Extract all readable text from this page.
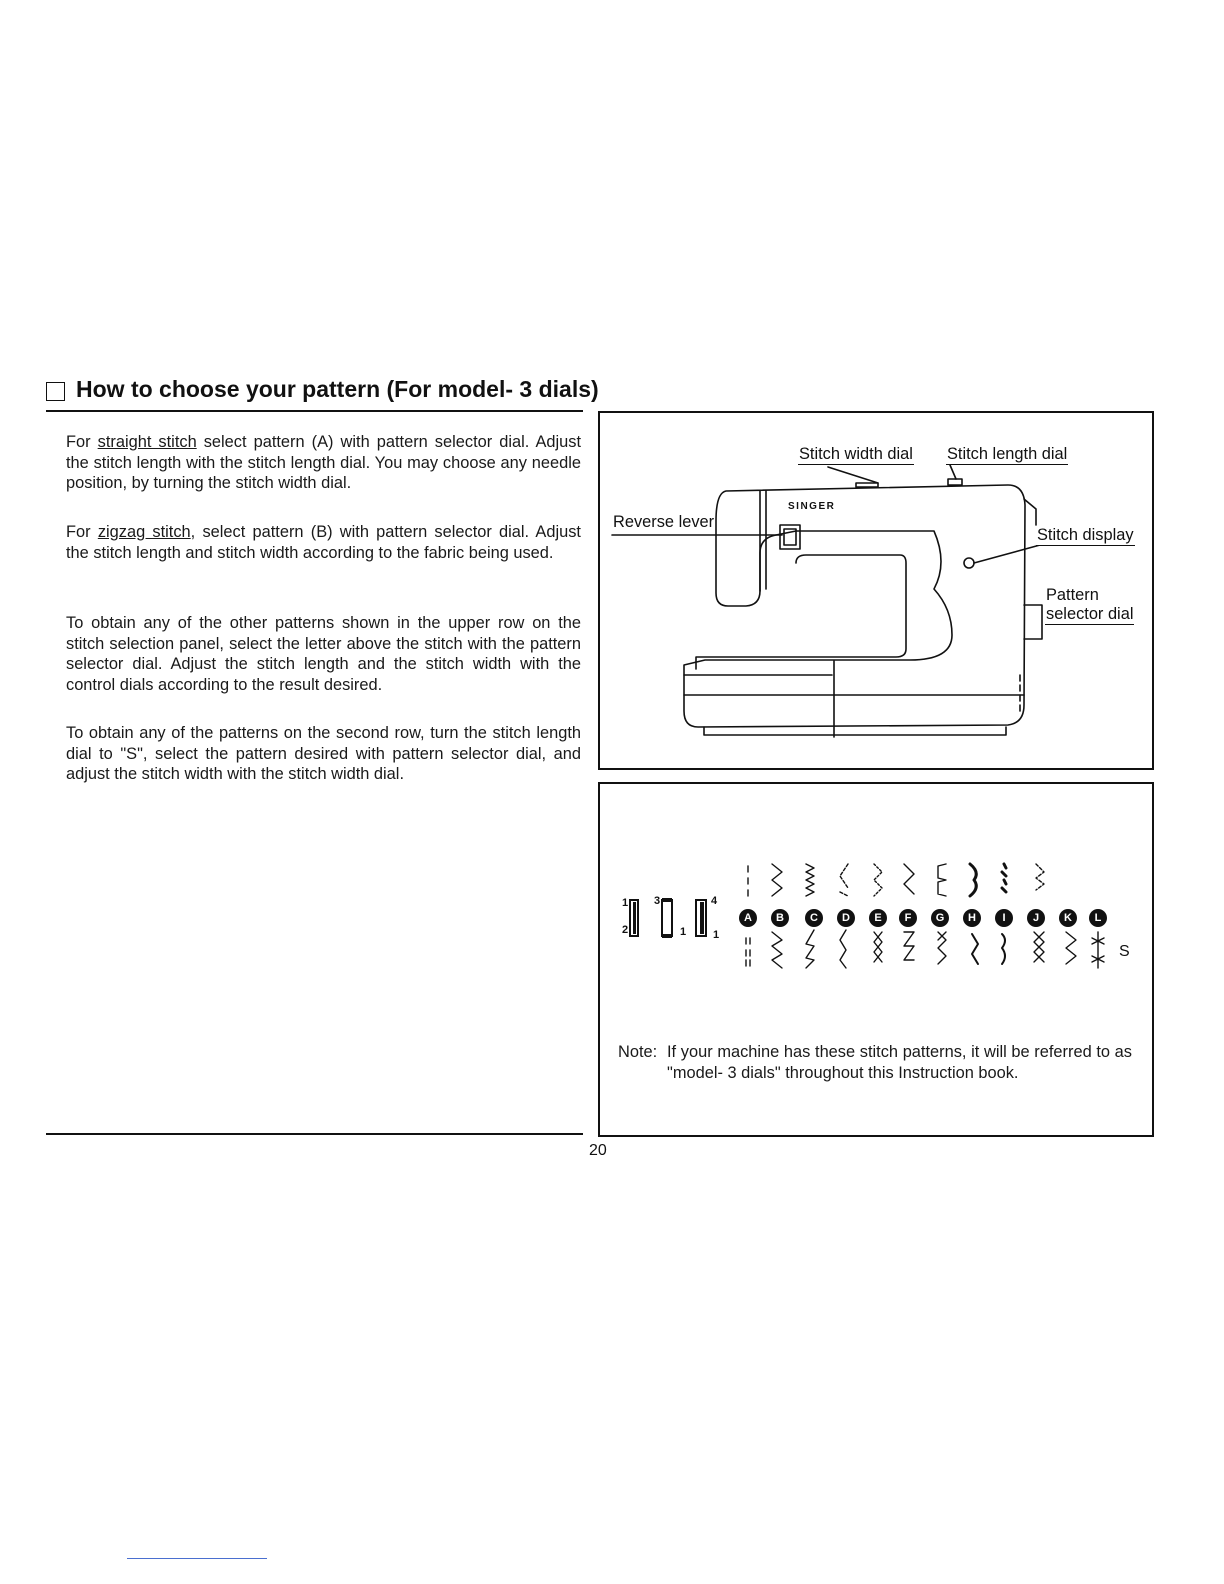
How to choose your pattern (For model- 3 dials)

For straight stitch select pattern (A) with pattern selector dial. Adjust the stitch length with the stitch length dial. You may choose any needle position, by turning the stitch width dial.

For zigzag stitch, select pattern (B) with pattern selector dial. Adjust the stitch length and stitch width according to the fabric being used.

To obtain any of the other patterns shown in the upper row on the stitch selection panel, select the letter above the stitch with the pattern selector dial. Adjust the stitch length and the stitch width with the control dials according to the result desired.

To obtain any of the patterns on the second row, turn the stitch length dial to "S", select the pattern desired with pattern selector dial, and adjust the stitch width with the stitch width dial.

20
SINGER
Stitch width dial Stitch length dial
Reverse lever
Stitch display
Pattern
selector dial
1
2
3
1
4
1
A	B	C	D	E	F	G	H	I	J	K	L
S
Note: If your machine has these stitch patterns, it will be referred to as "model- 3 dials" throughout this Instruction book.
